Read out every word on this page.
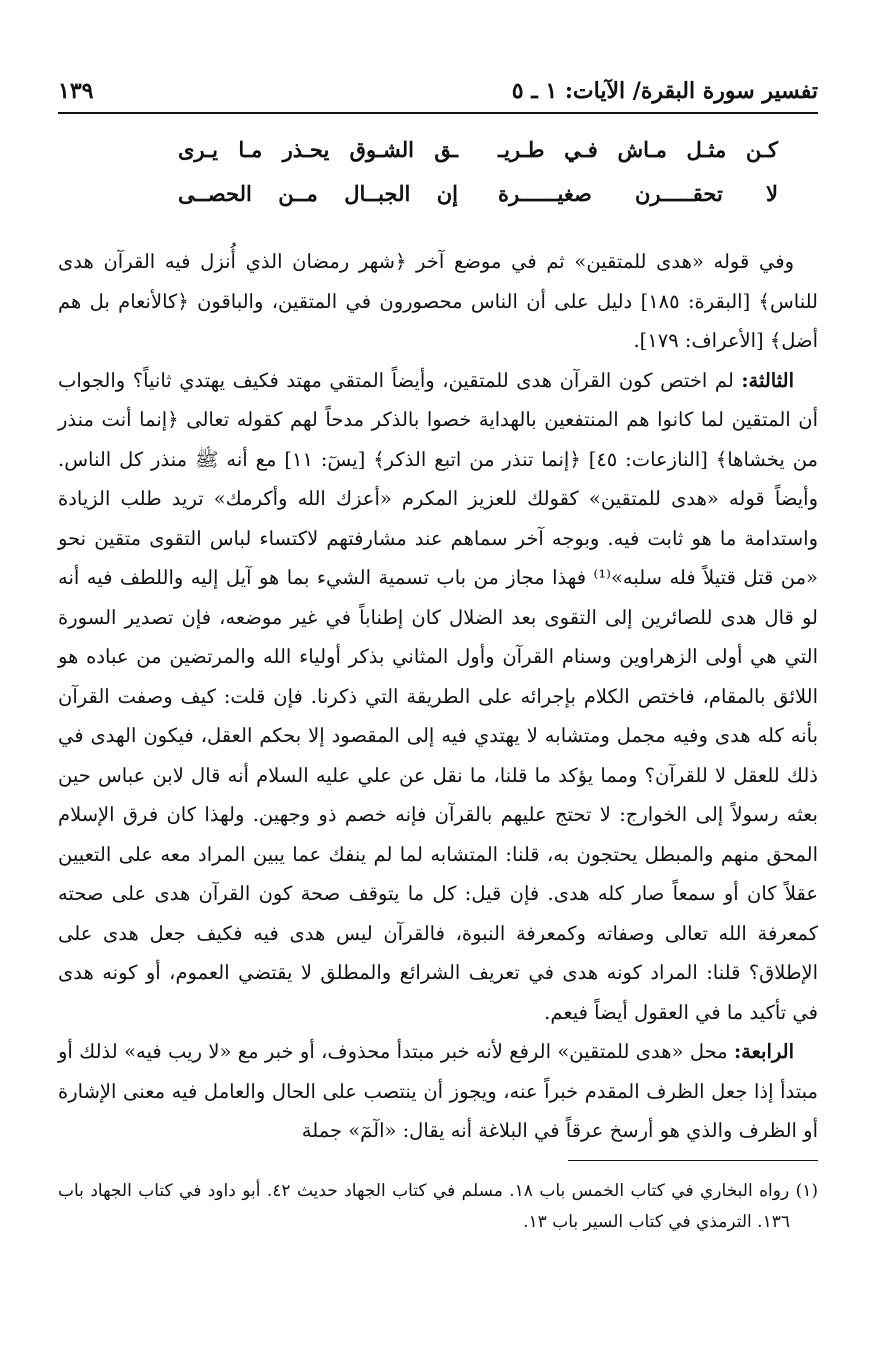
تفسير سورة البقرة/ الآيات: ١ ـ ٥
١٣٩
كـن مثـل مـاش فـي طـريـ
ـق الشـوق يحـذر مـا يـرى
لا تحقـــــرن صغيــــــرة
إن الجبــال مــن الحصــى

وفي قوله «هدى للمتقين» ثم في موضع آخر ﴿شهر رمضان الذي أُنزل فيه القرآن هدى للناس﴾ [البقرة: ١٨٥] دليل على أن الناس محصورون في المتقين، والباقون ﴿كالأنعام بل هم أضل﴾ [الأعراف: ١٧٩].

الثالثة: لم اختص كون القرآن هدى للمتقين، وأيضاً المتقي مهتد فكيف يهتدي ثانياً؟ والجواب أن المتقين لما كانوا هم المنتفعين بالهداية خصوا بالذكر مدحاً لهم كقوله تعالى ﴿إنما أنت منذر من يخشاها﴾ [النازعات: ٤٥] ﴿إنما تنذر من اتبع الذكر﴾ [يسٓ: ١١] مع أنه ﷺ منذر كل الناس. وأيضاً قوله «هدى للمتقين» كقولك للعزيز المكرم «أعزك الله وأكرمك» تريد طلب الزيادة واستدامة ما هو ثابت فيه. وبوجه آخر سماهم عند مشارفتهم لاكتساء لباس التقوى متقين نحو «من قتل قتيلاً فله سلبه»⁽¹⁾ فهذا مجاز من باب تسمية الشيء بما هو آيل إليه واللطف فيه أنه لو قال هدى للصائرين إلى التقوى بعد الضلال كان إطناباً في غير موضعه، فإن تصدير السورة التي هي أولى الزهراوين وسنام القرآن وأول المثاني بذكر أولياء الله والمرتضين من عباده هو اللائق بالمقام، فاختص الكلام بإجرائه على الطريقة التي ذكرنا. فإن قلت: كيف وصفت القرآن بأنه كله هدى وفيه مجمل ومتشابه لا يهتدي فيه إلى المقصود إلا بحكم العقل، فيكون الهدى في ذلك للعقل لا للقرآن؟ ومما يؤكد ما قلنا، ما نقل عن علي عليه السلام أنه قال لابن عباس حين بعثه رسولاً إلى الخوارج: لا تحتج عليهم بالقرآن فإنه خصم ذو وجهين. ولهذا كان فرق الإسلام المحق منهم والمبطل يحتجون به، قلنا: المتشابه لما لم ينفك عما يبين المراد معه على التعيين عقلاً كان أو سمعاً صار كله هدى. فإن قيل: كل ما يتوقف صحة كون القرآن هدى على صحته كمعرفة الله تعالى وصفاته وكمعرفة النبوة، فالقرآن ليس هدى فيه فكيف جعل هدى على الإطلاق؟ قلنا: المراد كونه هدى في تعريف الشرائع والمطلق لا يقتضي العموم، أو كونه هدى في تأكيد ما في العقول أيضاً فيعم.

الرابعة: محل «هدى للمتقين» الرفع لأنه خبر مبتدأ محذوف، أو خبر مع «لا ريب فيه» لذلك أو مبتدأ إذا جعل الظرف المقدم خبراً عنه، ويجوز أن ينتصب على الحال والعامل فيه معنى الإشارة أو الظرف والذي هو أرسخ عرقاً في البلاغة أنه يقال: «الٓمٓ» جملة

(١) رواه البخاري في كتاب الخمس باب ١٨. مسلم في كتاب الجهاد حديث ٤٢. أبو داود في كتاب الجهاد باب ١٣٦. الترمذي في كتاب السير باب ١٣.
